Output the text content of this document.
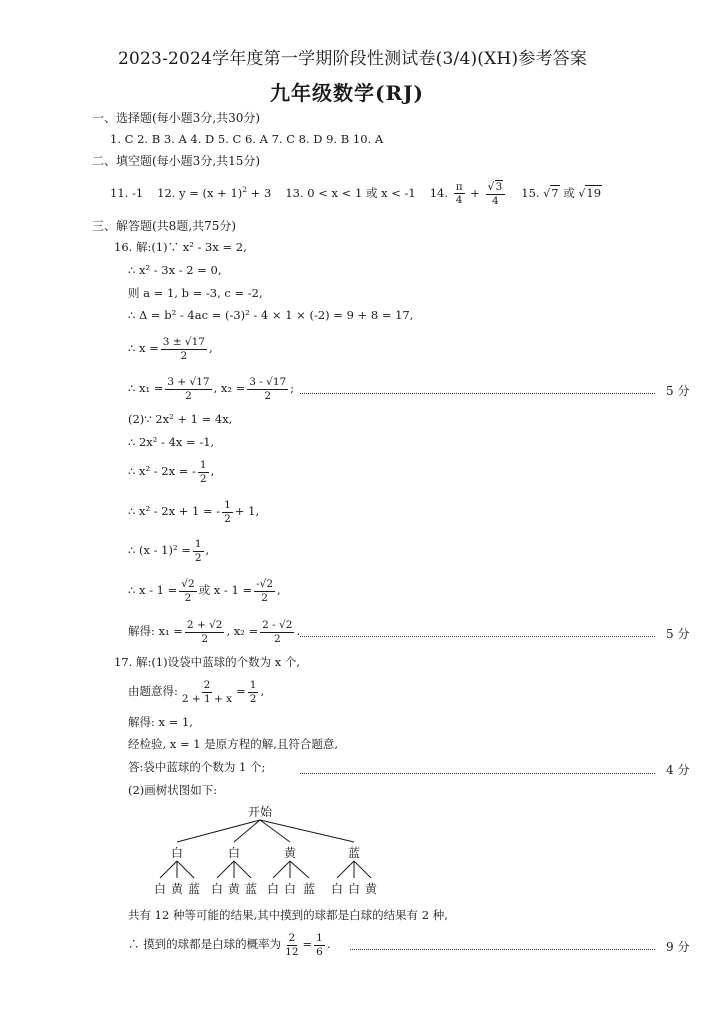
2023-2024学年度第一学期阶段性测试卷(3/4)(XH)参考答案
九年级数学(RJ)
一、选择题(每小题3分,共30分)
1. C 2. B 3. A 4. D 5. C 6. A 7. C 8. D 9. B 10. A
二、填空题(每小题3分,共15分)
11. -1 12. $y = (x + 1)^2 + 3$ 13. 0 < x < 1 或 x < -1 14. $\frac{\pi}{4} + \frac{√3}{4} 15$. √7 或 √19
三、解答题(共8题,共75分)
16. 解:(1)∵ x² - 3x = 2,
∴ x² - 3x - 2 = 0,
则 a = 1, b = -3, c = -2,
∴ Δ = b² - 4ac = (-3)² - 4 × 1 × (-2) = 9 + 8 = 17,
∴ $x = \frac{3 \pm √17}{2}$ ,
∴ $x_1 = \frac{3 + √17}{2}$ , $x_2 = \frac{3 - √17}{2}$ ;	5 分
(2)∵ 2x² + 1 = 4x,
∴ 2x² - 4x = -1,
∴ x² - 2x = - $\frac{1}{2}$ ,
∴ x² - 2x + 1 = - $\frac{1}{2} + 1$,
∴ $(x - 1)^2 = \frac{1}{2}$ ,
∴ $x - 1 = \frac{√2}{2}$ 或 $x - 1 = \frac{-√2}{2}$ ,
解得: $x_1 = \frac{2 + √2}{2}$ , $x_2 = \frac{2 - √2}{2}$ .	5 分
17. 解:(1)设袋中蓝球的个数为 x 个,
由题意得: $\frac{2}{2 + 1 + x} = \frac{1}{2}$ ,
解得: x = 1,
经检验, x = 1 是原方程的解,且符合题意,
答:袋中蓝球的个数为 1 个;	4 分
(2)画树状图如下:
开始
白	白	黄	蓝
白 黄 蓝 白 黄 蓝 白 白 蓝 白 白 黄
共有 12 种等可能的结果,其中摸到的球都是白球的结果有 2 种,
∴ 摸到的球都是白球的概率为 $\frac{2}{12} = \frac{1}{6}$ .	9 分
